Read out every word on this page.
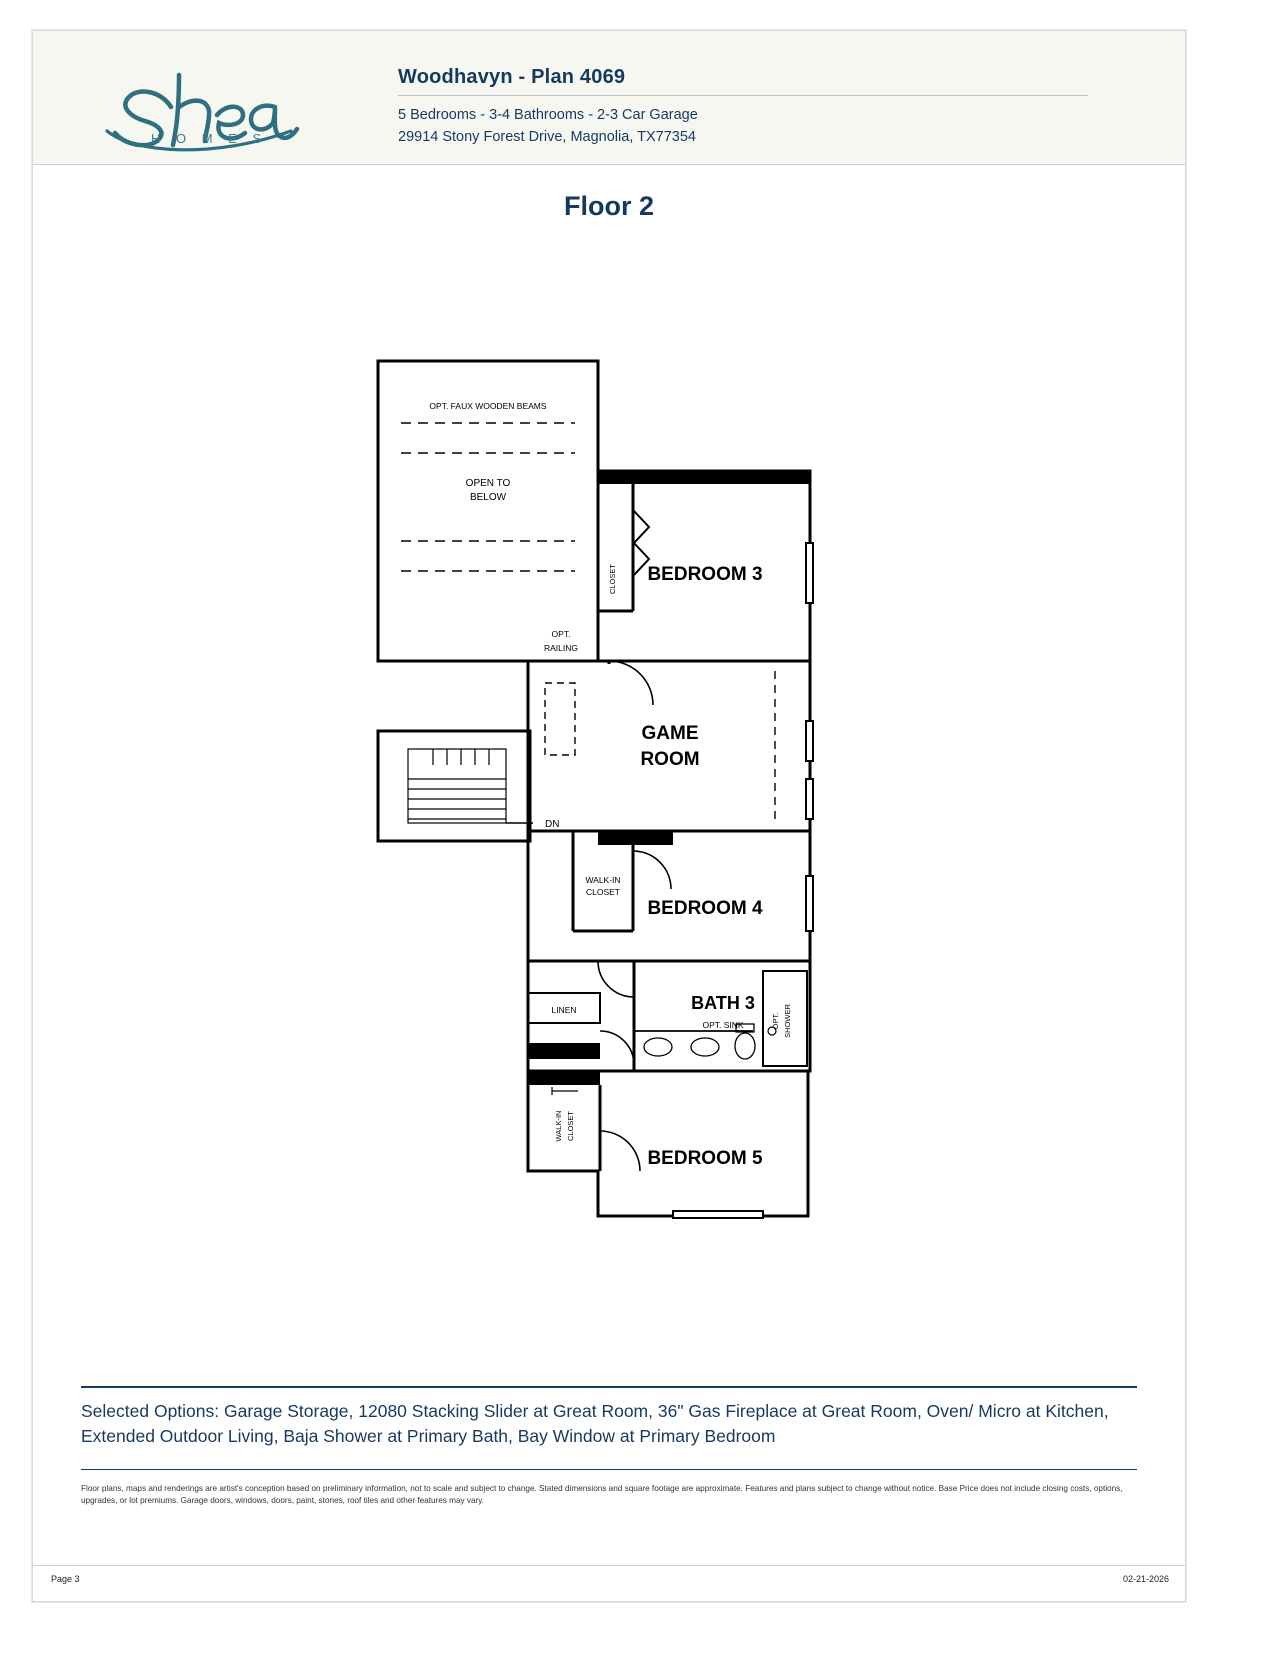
H O M E S
Woodhavyn - Plan 4069
5 Bedrooms - 3-4 Bathrooms - 2-3 Car Garage
29914 Stony Forest Drive, Magnolia, TX77354
Floor 2
OPT. FAUX WOODEN BEAMS
OPEN TO
BELOW
CLOSET BEDROOM 3
OPT.
RAILING
GAME
ROOM
DN
WALK-IN
CLOSET
BEDROOM 4
LINEN	BATH 3
OPT. SINK	OPT. SHOWER
WALK-IN CLOSET
BEDROOM 5
Selected Options: Garage Storage, 12080 Stacking Slider at Great Room, 36" Gas Fireplace at Great Room, Oven/ Micro at Kitchen, Extended Outdoor Living, Baja Shower at Primary Bath, Bay Window at Primary Bedroom
Floor plans, maps and renderings are artist's conception based on preliminary information, not to scale and subject to change. Stated dimensions and square footage are approximate. Features and plans subject to change without notice. Base Price does not include closing costs, options, upgrades, or lot premiums. Garage doors, windows, doors, paint, stones, roof tiles and other features may vary.
Page 3	02-21-2026
